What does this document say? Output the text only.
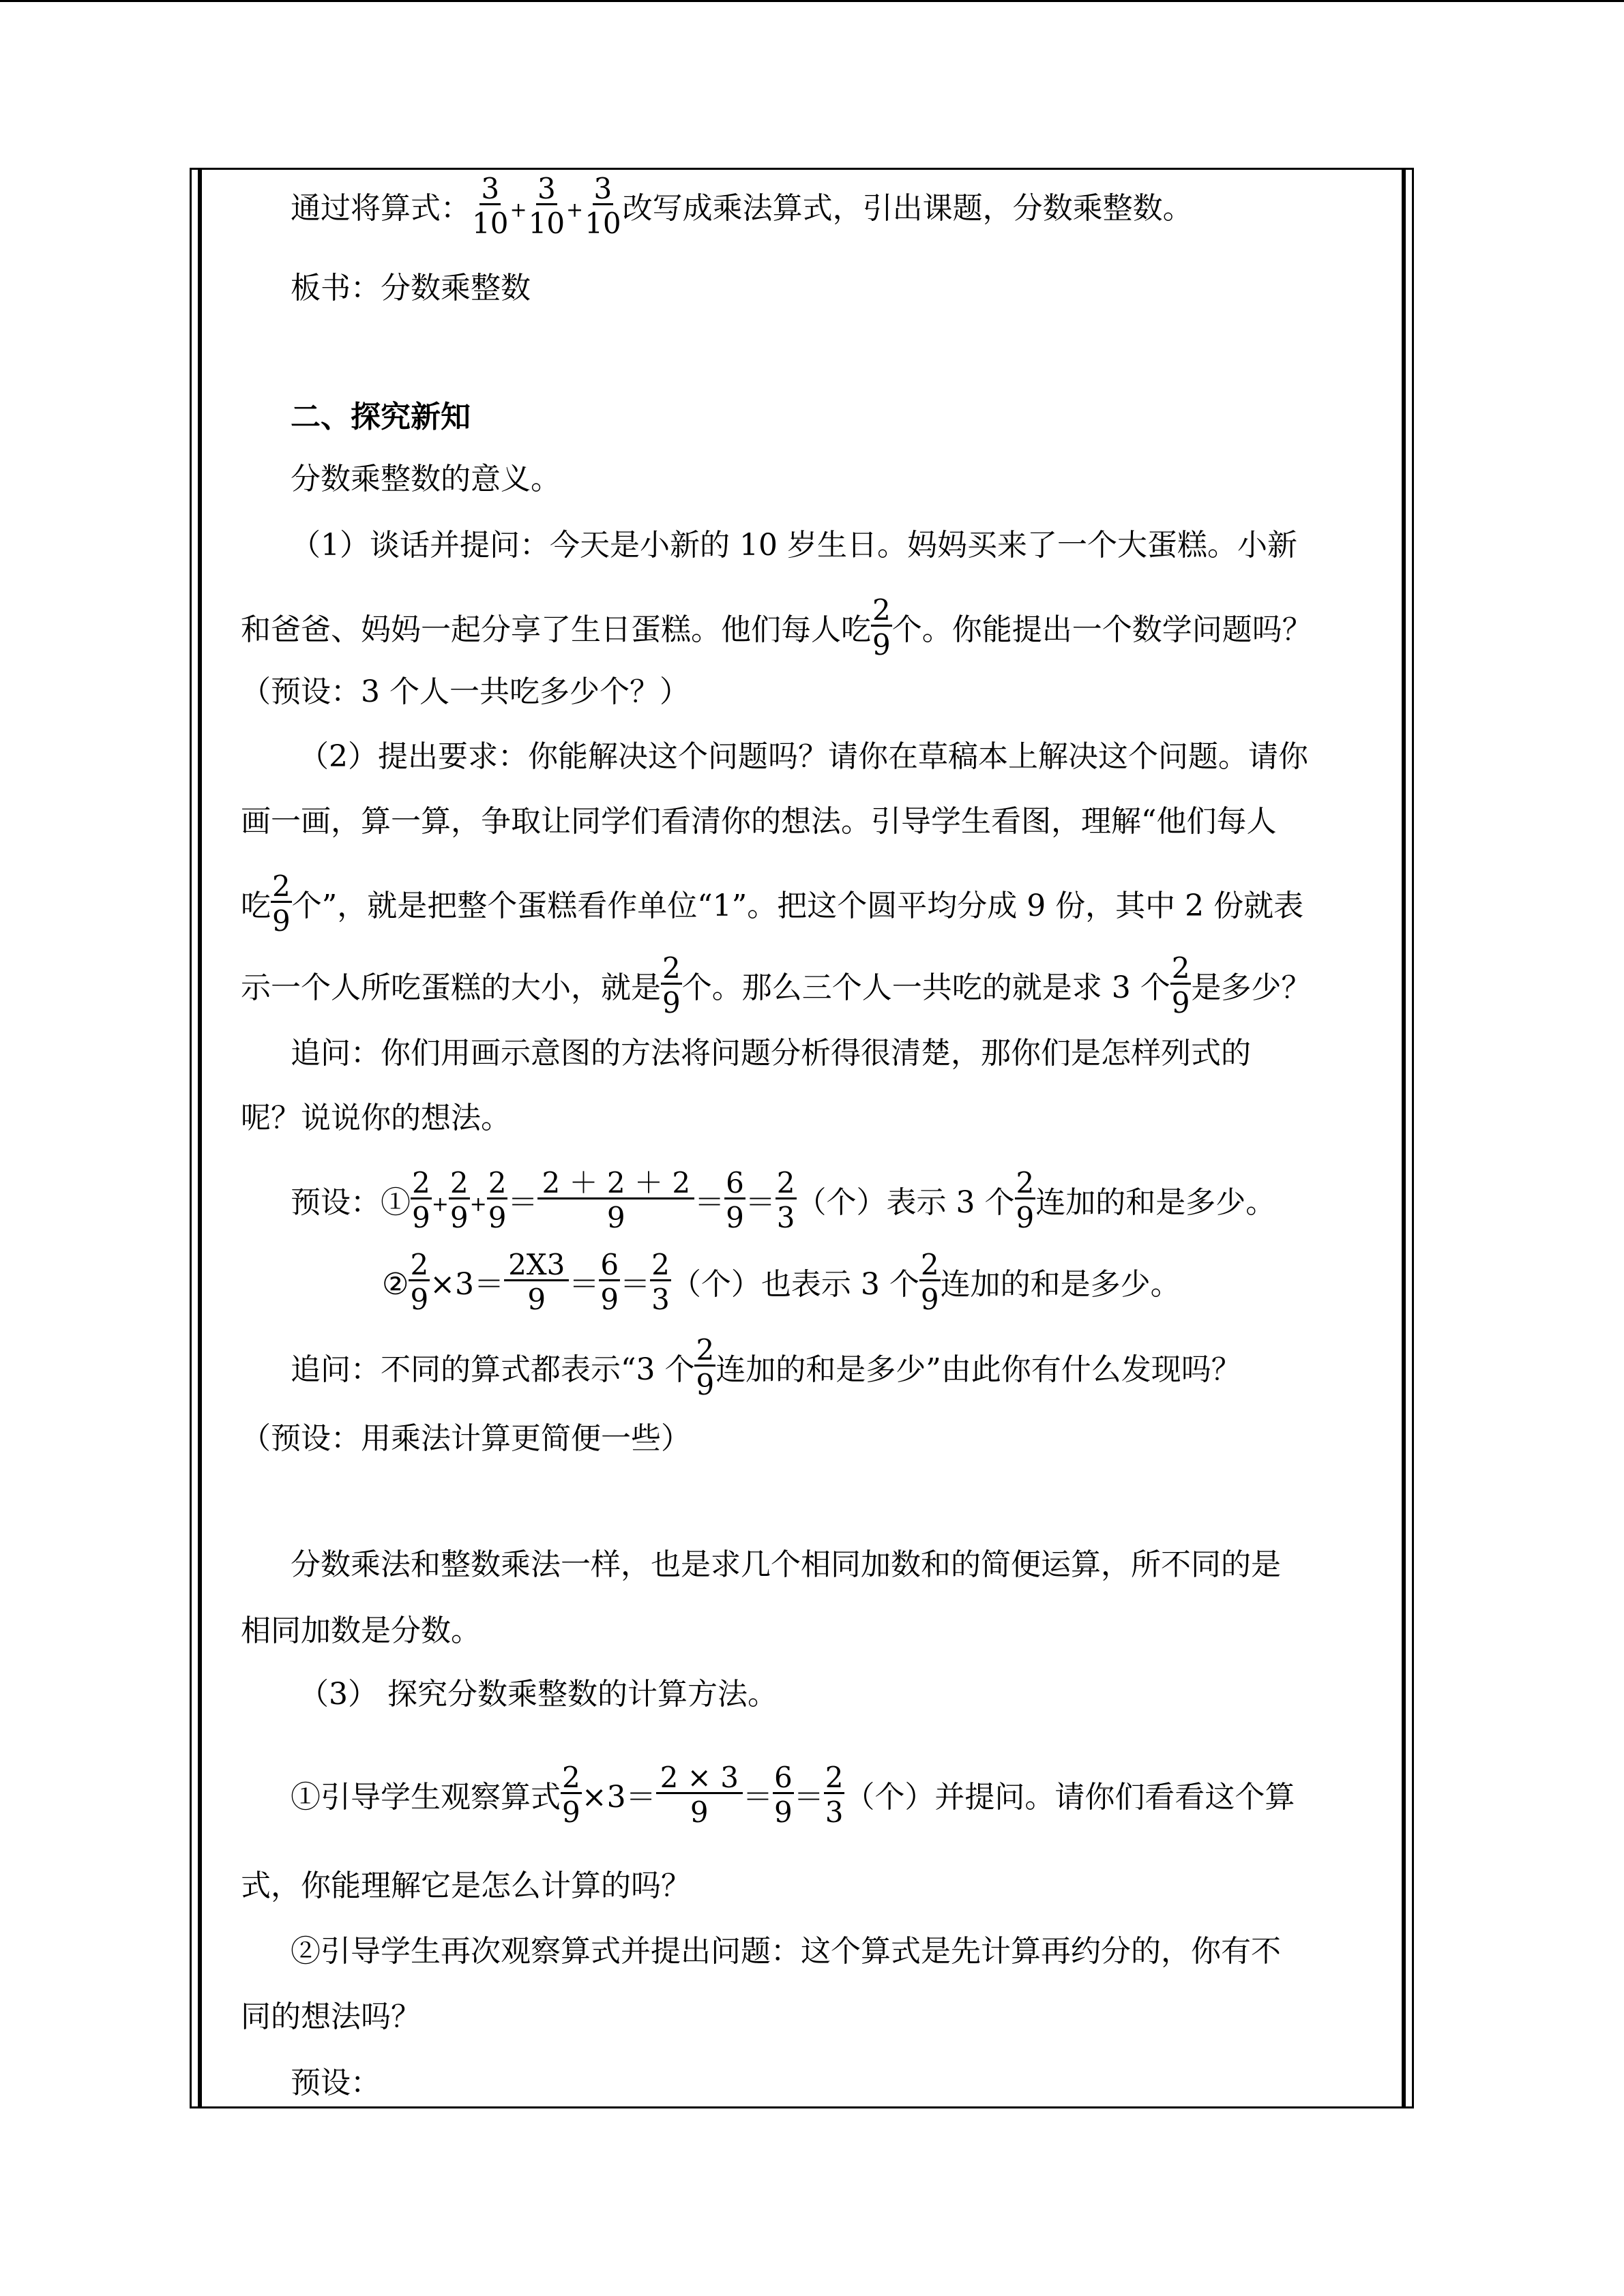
通过将算式： $\frac{3}{10} + \frac{3}{10} + \frac{3}{10}$ 改写成乘法算式，引出课题，分数乘整数。
板书：分数乘整数
二、探究新知
分数乘整数的意义。
（1）谈话并提问：今天是小新的 10 岁生日。妈妈买来了一个大蛋糕。小新
和爸爸、妈妈一起分享了生日蛋糕。他们每人吃 $\frac{2}{9}$ 个。你能提出一个数学问题吗？
（预设：3 个人一共吃多少个？）
（2）提出要求：你能解决这个问题吗？请你在草稿本上解决这个问题。请你
画一画，算一算，争取让同学们看清你的想法。引导学生看图，理解“他们每人
吃 $\frac{2}{9}$ 个”，就是把整个蛋糕看作单位“1”。把这个圆平均分成 9 份，其中 2 份就表
示一个人所吃蛋糕的大小，就是 $\frac{2}{9}$ 个。那么三个人一共吃的就是求 3 个 $\frac{2}{9}$ 是多少？
追问：你们用画示意图的方法将问题分析得很清楚，那你们是怎样列式的
呢？说说你的想法。
预设：① $\frac{2}{9} + \frac{2}{9} + \frac{2}{9} = \frac{2 + 2 + 2}{9} = \frac{6}{9} = \frac{2}{3}$ （个）表示 3 个 $\frac{2}{9}$ 连加的和是多少。
② $\frac{2}{9} \times 3= \frac{2X3}{9} = \frac{6}{9} = \frac{2}{3}$ （个）也表示 3 个 $\frac{2}{9}$ 连加的和是多少。
追问：不同的算式都表示“3 个 $\frac{2}{9}$ 连加的和是多少”由此你有什么发现吗？
（预设：用乘法计算更简便一些）
分数乘法和整数乘法一样，也是求几个相同加数和的简便运算，所不同的是
相同加数是分数。
（3） 探究分数乘整数的计算方法。
①引导学生观察算式 $\frac{2}{9} \times 3= \frac{2 \times 3}{9} = \frac{6}{9} = \frac{2}{3}$ （个）并提问。请你们看看这个算
式，你能理解它是怎么计算的吗？
②引导学生再次观察算式并提出问题：这个算式是先计算再约分的，你有不
同的想法吗？
预设：
